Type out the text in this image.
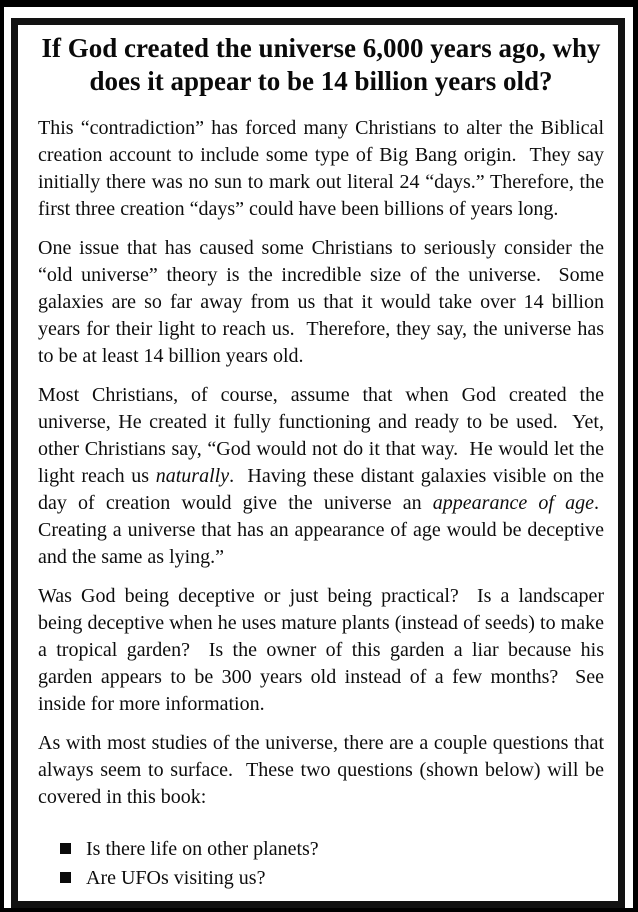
If God created the universe 6,000 years ago, why does it appear to be 14 billion years old?

This “contradiction” has forced many Christians to alter the Biblical creation account to include some type of Big Bang origin.  They say initially there was no sun to mark out literal 24 “days.” Therefore, the first three creation “days” could have been billions of years long.

One issue that has caused some Christians to seriously consider the “old universe” theory is the incredible size of the universe.  Some galaxies are so far away from us that it would take over 14 billion years for their light to reach us.  Therefore, they say, the universe has to be at least 14 billion years old.

Most Christians, of course, assume that when God created the universe, He created it fully functioning and ready to be used.  Yet, other Christians say, “God would not do it that way.  He would let the light reach us naturally.  Having these distant galaxies visible on the day of creation would give the universe an appearance of age.  Creating a universe that has an appearance of age would be deceptive and the same as lying.”

Was God being deceptive or just being practical?  Is a landscaper being deceptive when he uses mature plants (instead of seeds) to make a tropical garden?  Is the owner of this garden a liar because his garden appears to be 300 years old instead of a few months?  See inside for more information.

As with most studies of the universe, there are a couple questions that always seem to surface.  These two questions (shown below) will be covered in this book:

Is there life on other planets?
Are UFOs visiting us?
